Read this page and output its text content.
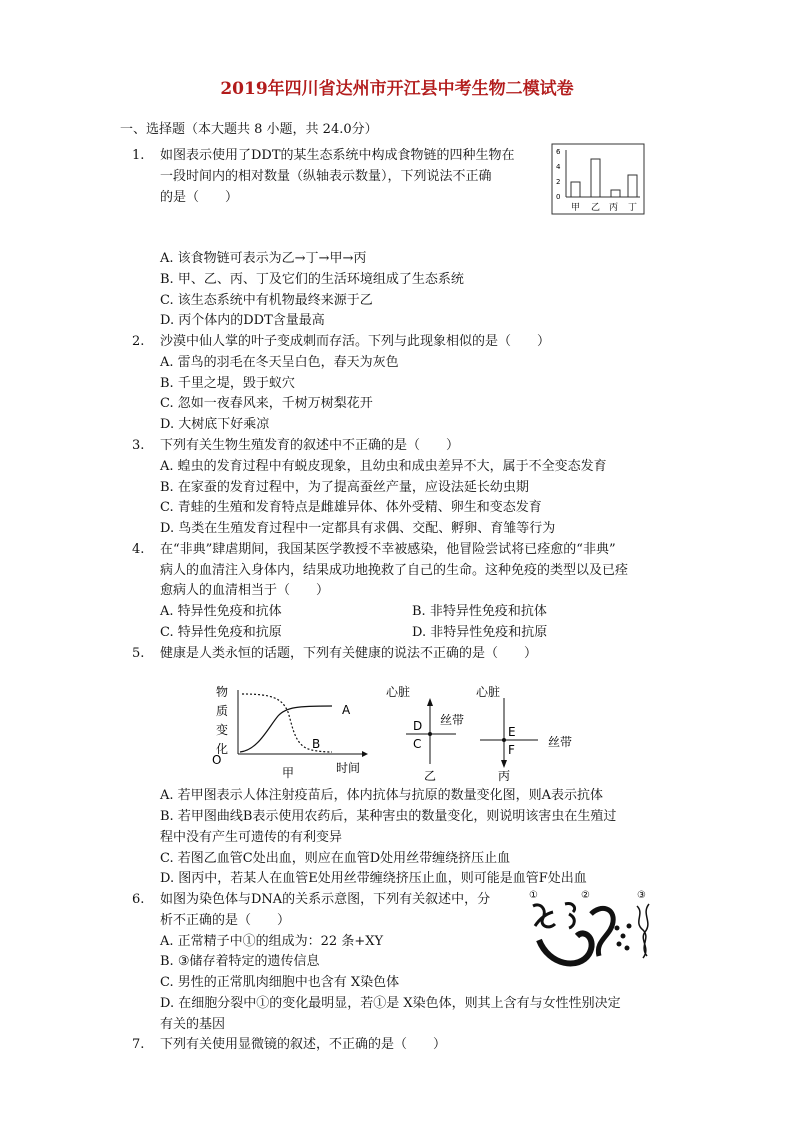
2019年四川省达州市开江县中考生物二模试卷
一、选择题（本大题共 8 小题，共 24.0分）
1. 如图表示使用了DDT的某生态系统中构成食物链的四种生物在
一段时间内的相对数量（纵轴表示数量），下列说法不正确
的是（　　）
6
4
2
0
甲 乙 丙 丁
A. 该食物链可表示为乙→丁→甲→丙
B. 甲、乙、丙、丁及它们的生活环境组成了生态系统
C. 该生态系统中有机物最终来源于乙
D. 丙个体内的DDT含量最高
2. 沙漠中仙人掌的叶子变成刺而存活。下列与此现象相似的是（　　）
A. 雷鸟的羽毛在冬天呈白色，春天为灰色
B. 千里之堤，毁于蚁穴
C. 忽如一夜春风来，千树万树梨花开
D. 大树底下好乘凉
3. 下列有关生物生殖发育的叙述中不正确的是（　　）
A. 蝗虫的发育过程中有蜕皮现象，且幼虫和成虫差异不大，属于不全变态发育
B. 在家蚕的发育过程中，为了提高蚕丝产量，应设法延长幼虫期
C. 青蛙的生殖和发育特点是雌雄异体、体外受精、卵生和变态发育
D. 鸟类在生殖发育过程中一定都具有求偶、交配、孵卵、育雏等行为
4. 在“非典”肆虐期间，我国某医学教授不幸被感染，他冒险尝试将已痊愈的“非典”
病人的血清注入身体内，结果成功地挽救了自己的生命。这种免疫的类型以及已痊
愈病人的血清相当于（　　）
A. 特异性免疫和抗体	B. 非特异性免疫和抗体
C. 特异性免疫和抗原	D. 非特异性免疫和抗原
5. 健康是人类永恒的话题，下列有关健康的说法不正确的是（　　）
物
质
变
化
O
A
B
时间
甲
心脏
丝带
D
C
乙
心脏
丝带
E
F
丙
A. 若甲图表示人体注射疫苗后，体内抗体与抗原的数量变化图，则A表示抗体
B. 若甲图曲线B表示使用农药后，某种害虫的数量变化，则说明该害虫在生殖过
程中没有产生可遗传的有利变异
C. 若图乙血管C处出血，则应在血管D处用丝带缠绕挤压止血
D. 图丙中，若某人在血管E处用丝带缠绕挤压止血，则可能是血管F处出血
6. 如图为染色体与DNA的关系示意图，下列有关叙述中，分
析不正确的是（　　）
①	②	③
A. 正常精子中①的组成为：22 条+XY
B. ③储存着特定的遗传信息
C. 男性的正常肌肉细胞中也含有 X染色体
D. 在细胞分裂中①的变化最明显，若①是 X染色体，则其上含有与女性性别决定
有关的基因
7. 下列有关使用显微镜的叙述，不正确的是（　　）
